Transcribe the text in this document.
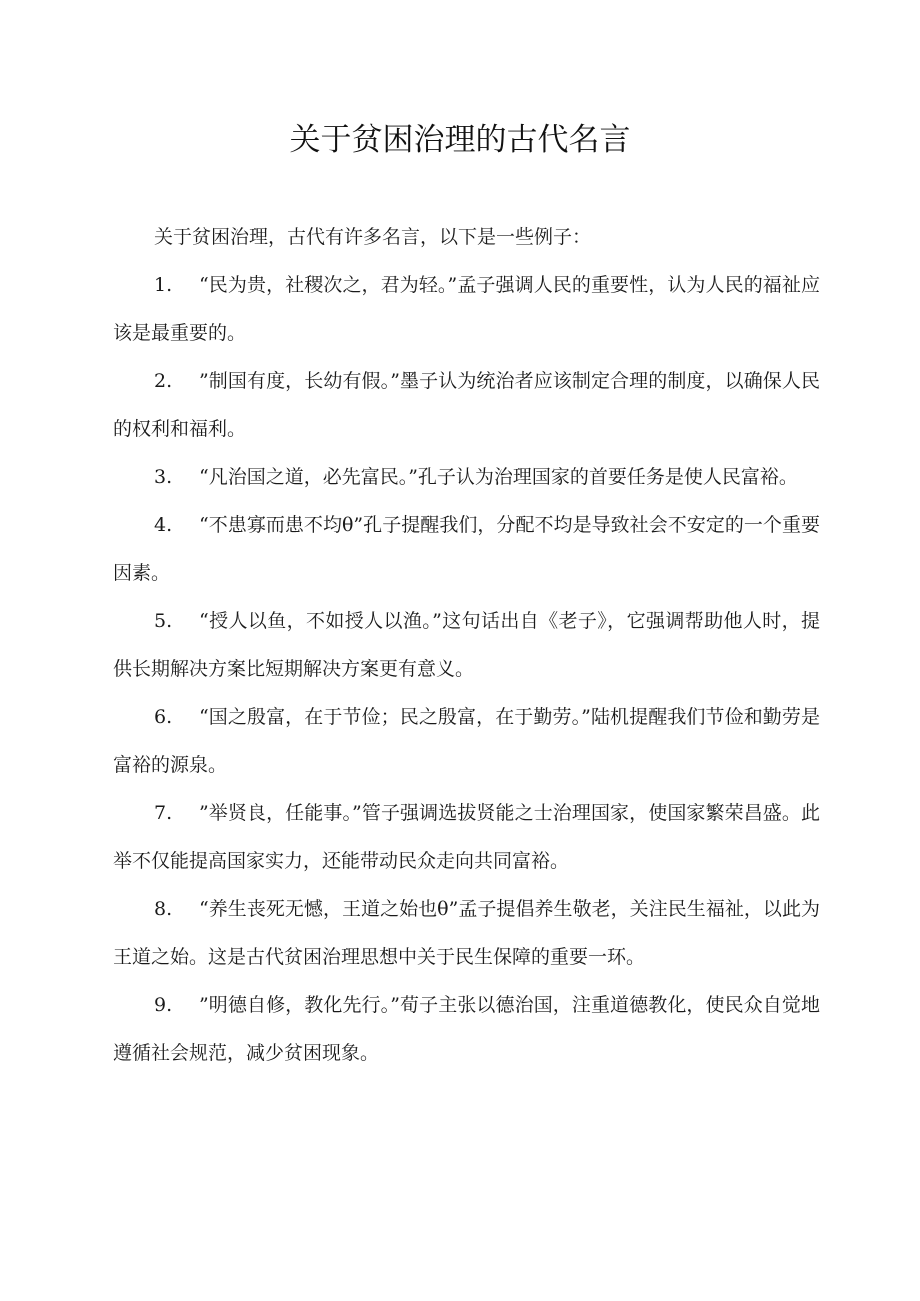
关于贫困治理的古代名言

关于贫困治理，古代有许多名言，以下是一些例子：

1. “民为贵，社稷次之，君为轻。”孟子强调人民的重要性，认为人民的福祉应该是最重要的。

2. ”制国有度，长幼有假。”墨子认为统治者应该制定合理的制度，以确保人民的权利和福利。

3. “凡治国之道，必先富民。”孔子认为治理国家的首要任务是使人民富裕。

4. “不患寡而患不均θ”孔子提醒我们，分配不均是导致社会不安定的一个重要因素。

5. “授人以鱼，不如授人以渔。”这句话出自《老子》，它强调帮助他人时，提供长期解决方案比短期解决方案更有意义。

6. “国之殷富，在于节俭；民之殷富，在于勤劳。”陆机提醒我们节俭和勤劳是富裕的源泉。

7. ”举贤良，任能事。”管子强调选拔贤能之士治理国家，使国家繁荣昌盛。此举不仅能提高国家实力，还能带动民众走向共同富裕。

8. “养生丧死无憾，王道之始也θ”孟子提倡养生敬老，关注民生福祉，以此为王道之始。这是古代贫困治理思想中关于民生保障的重要一环。

9. ”明德自修，教化先行。”荀子主张以德治国，注重道德教化，使民众自觉地遵循社会规范，减少贫困现象。
